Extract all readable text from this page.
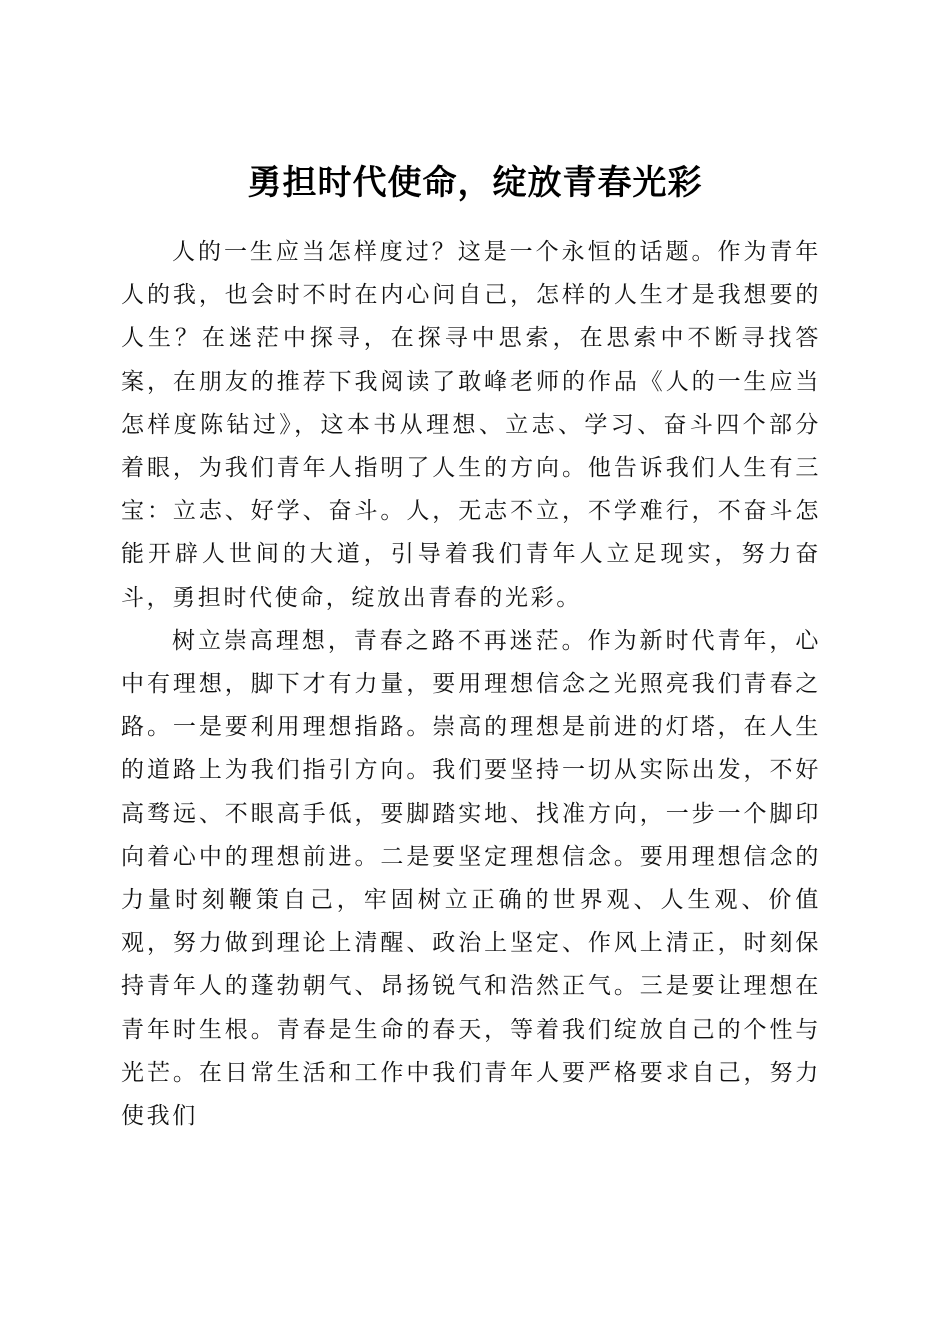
勇担时代使命，绽放青春光彩

人的一生应当怎样度过？这是一个永恒的话题。作为青年人的我，也会时不时在内心问自己，怎样的人生才是我想要的人生？在迷茫中探寻，在探寻中思索，在思索中不断寻找答案，在朋友的推荐下我阅读了敢峰老师的作品《人的一生应当怎样度陈钻过》，这本书从理想、立志、学习、奋斗四个部分着眼，为我们青年人指明了人生的方向。他告诉我们人生有三宝：立志、好学、奋斗。人，无志不立，不学难行，不奋斗怎能开辟人世间的大道，引导着我们青年人立足现实，努力奋斗，勇担时代使命，绽放出青春的光彩。

树立崇高理想，青春之路不再迷茫。作为新时代青年，心中有理想，脚下才有力量，要用理想信念之光照亮我们青春之路。一是要利用理想指路。崇高的理想是前进的灯塔，在人生的道路上为我们指引方向。我们要坚持一切从实际出发，不好高骛远、不眼高手低，要脚踏实地、找准方向，一步一个脚印向着心中的理想前进。二是要坚定理想信念。要用理想信念的力量时刻鞭策自己，牢固树立正确的世界观、人生观、价值观，努力做到理论上清醒、政治上坚定、作风上清正，时刻保持青年人的蓬勃朝气、昂扬锐气和浩然正气。三是要让理想在青年时生根。青春是生命的春天，等着我们绽放自己的个性与光芒。在日常生活和工作中我们青年人要严格要求自己，努力使我们
